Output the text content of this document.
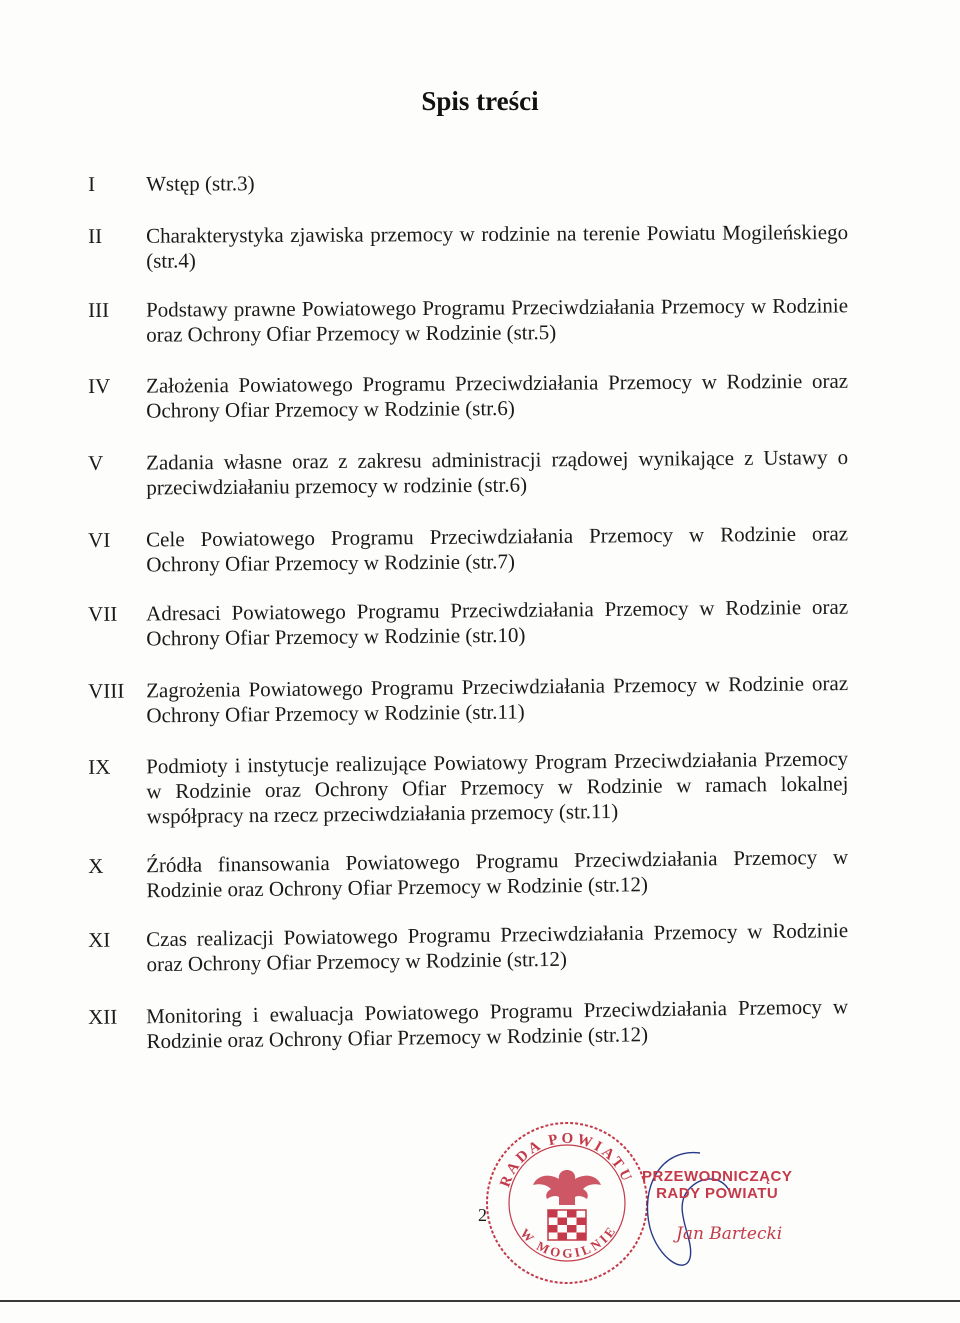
Spis treści
I Wstęp (str.3)
II Charakterystyka zjawiska przemocy w rodzinie na terenie Powiatu Mogileńskiego (str.4)
III Podstawy prawne Powiatowego Programu Przeciwdziałania Przemocy w Rodzinie oraz Ochrony Ofiar Przemocy w Rodzinie (str.5)
IV Założenia Powiatowego Programu Przeciwdziałania Przemocy w Rodzinie oraz Ochrony Ofiar Przemocy w Rodzinie (str.6)
V Zadania własne oraz z zakresu administracji rządowej wynikające z Ustawy o przeciwdziałaniu przemocy w rodzinie (str.6)
VI Cele Powiatowego Programu Przeciwdziałania Przemocy w Rodzinie oraz Ochrony Ofiar Przemocy w Rodzinie (str.7)
VII Adresaci Powiatowego Programu Przeciwdziałania Przemocy w Rodzinie oraz Ochrony Ofiar Przemocy w Rodzinie (str.10)
VIII Zagrożenia Powiatowego Programu Przeciwdziałania Przemocy w Rodzinie oraz Ochrony Ofiar Przemocy w Rodzinie (str.11)
IX Podmioty i instytucje realizujące Powiatowy Program Przeciwdziałania Przemocy w Rodzinie oraz Ochrony Ofiar Przemocy w Rodzinie w ramach lokalnej współpracy na rzecz przeciwdziałania przemocy (str.11)
X Źródła finansowania Powiatowego Programu Przeciwdziałania Przemocy w Rodzinie oraz Ochrony Ofiar Przemocy w Rodzinie (str.12)
XI Czas realizacji Powiatowego Programu Przeciwdziałania Przemocy w Rodzinie oraz Ochrony Ofiar Przemocy w Rodzinie (str.12)
XII Monitoring i ewaluacja Powiatowego Programu Przeciwdziałania Przemocy w Rodzinie oraz Ochrony Ofiar Przemocy w Rodzinie (str.12)
2
RADA POWIATU
W MOGILNIE
PRZEWODNICZĄCY
RADY POWIATU
Jan Bartecki
